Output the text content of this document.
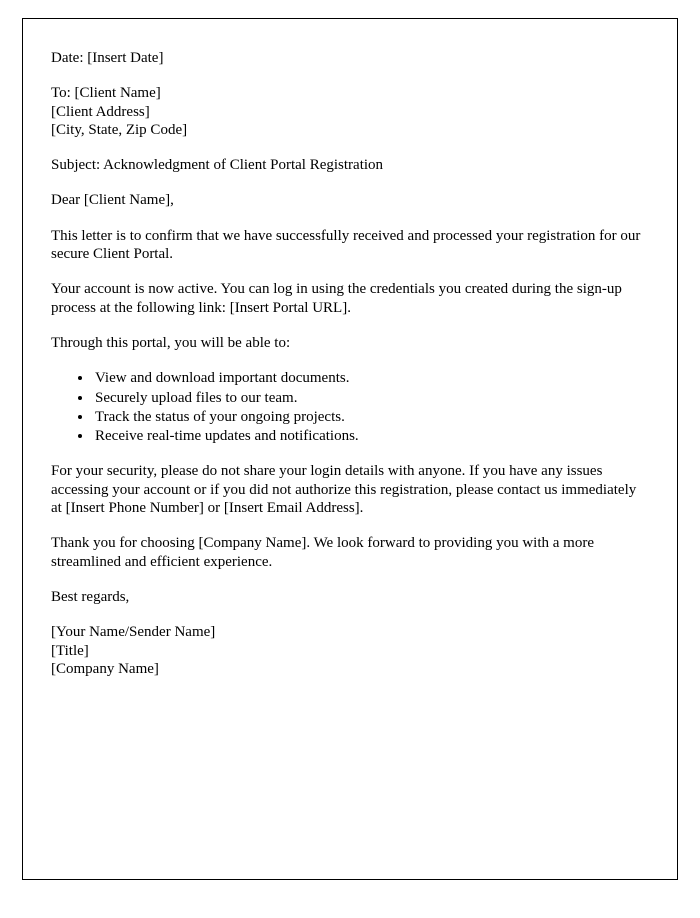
Date: [Insert Date]

To: [Client Name]

[Client Address]

[City, State, Zip Code]

Subject: Acknowledgment of Client Portal Registration

Dear [Client Name],

This letter is to confirm that we have successfully received and processed your registration for our secure Client Portal.

Your account is now active. You can log in using the credentials you created during the sign-up process at the following link: [Insert Portal URL].

Through this portal, you will be able to:

• View and download important documents.
• Securely upload files to our team.
• Track the status of your ongoing projects.
• Receive real-time updates and notifications.

For your security, please do not share your login details with anyone. If you have any issues accessing your account or if you did not authorize this registration, please contact us immediately at [Insert Phone Number] or [Insert Email Address].

Thank you for choosing [Company Name]. We look forward to providing you with a more streamlined and efficient experience.

Best regards,

[Your Name/Sender Name]

[Title]

[Company Name]
